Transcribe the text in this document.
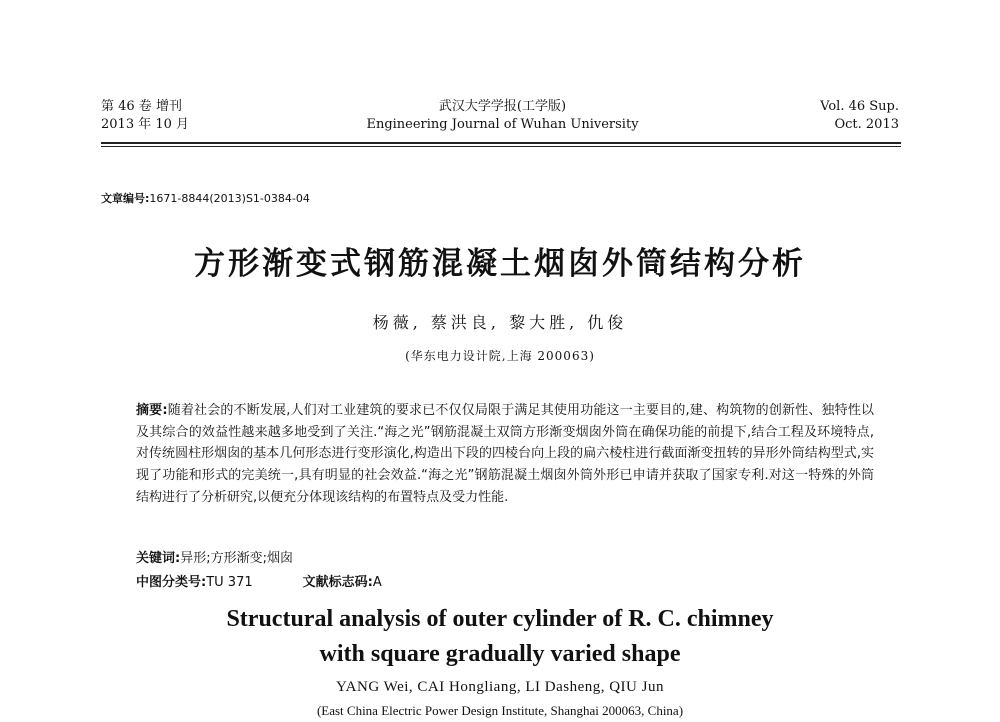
第 46 卷 增刊
2013 年 10 月
武汉大学学报(工学版)
Engineering Journal of Wuhan University
Vol. 46 Sup.
Oct. 2013
文章编号:1671-8844(2013)S1-0384-04
方形渐变式钢筋混凝土烟囱外筒结构分析
杨薇, 蔡洪良, 黎大胜, 仇俊
(华东电力设计院,上海 200063)
摘要:随着社会的不断发展,人们对工业建筑的要求已不仅仅局限于满足其使用功能这一主要目的,建、构筑物的创新性、独特性以及其综合的效益性越来越多地受到了关注.“海之光”钢筋混凝土双筒方形渐变烟囱外筒在确保功能的前提下,结合工程及环境特点,对传统圆柱形烟囱的基本几何形态进行变形演化,构造出下段的四棱台向上段的扁六棱柱进行截面渐变扭转的异形外筒结构型式,实现了功能和形式的完美统一,具有明显的社会效益.“海之光”钢筋混凝土烟囱外筒外形已申请并获取了国家专利.对这一特殊的外筒结构进行了分析研究,以便充分体现该结构的布置特点及受力性能.
关键词:异形;方形渐变;烟囱
中图分类号:TU 371	文献标志码:A
Structural analysis of outer cylinder of R. C. chimney
with square gradually varied shape
YANG Wei, CAI Hongliang, LI Dasheng, QIU Jun
(East China Electric Power Design Institute, Shanghai 200063, China)
